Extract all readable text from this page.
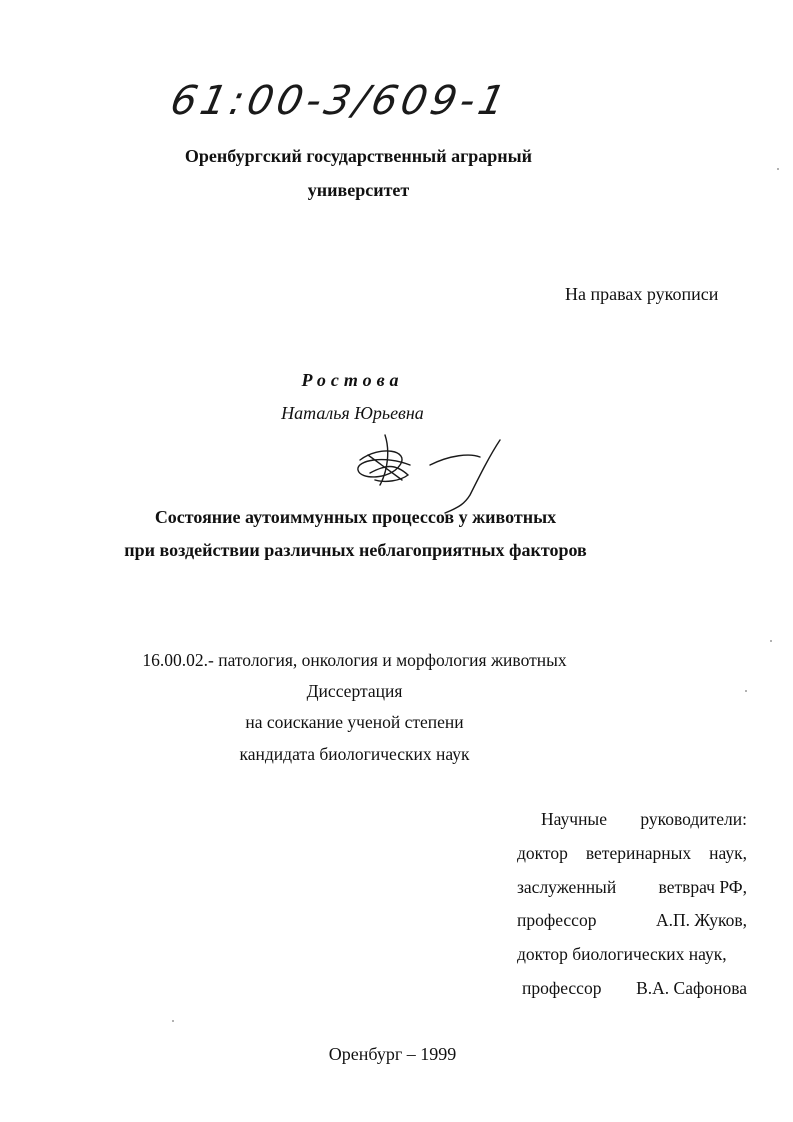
61:00-3/609-1
Оренбургский государственный аграрный
университет
На правах рукописи
Ростова
Наталья Юрьевна
Состояние аутоиммунных процессов у животных
при воздействии различных неблагоприятных факторов
16.00.02.- патология, онкология и морфология животных
Диссертация
на соискание ученой степени
кандидата биологических наук
Научные руководители:
доктор ветеринарных наук,
заслуженный ветврач РФ,
профессор	А.П. Жуков,
доктор биологических наук,
профессор В.А. Сафонова
Оренбург – 1999
